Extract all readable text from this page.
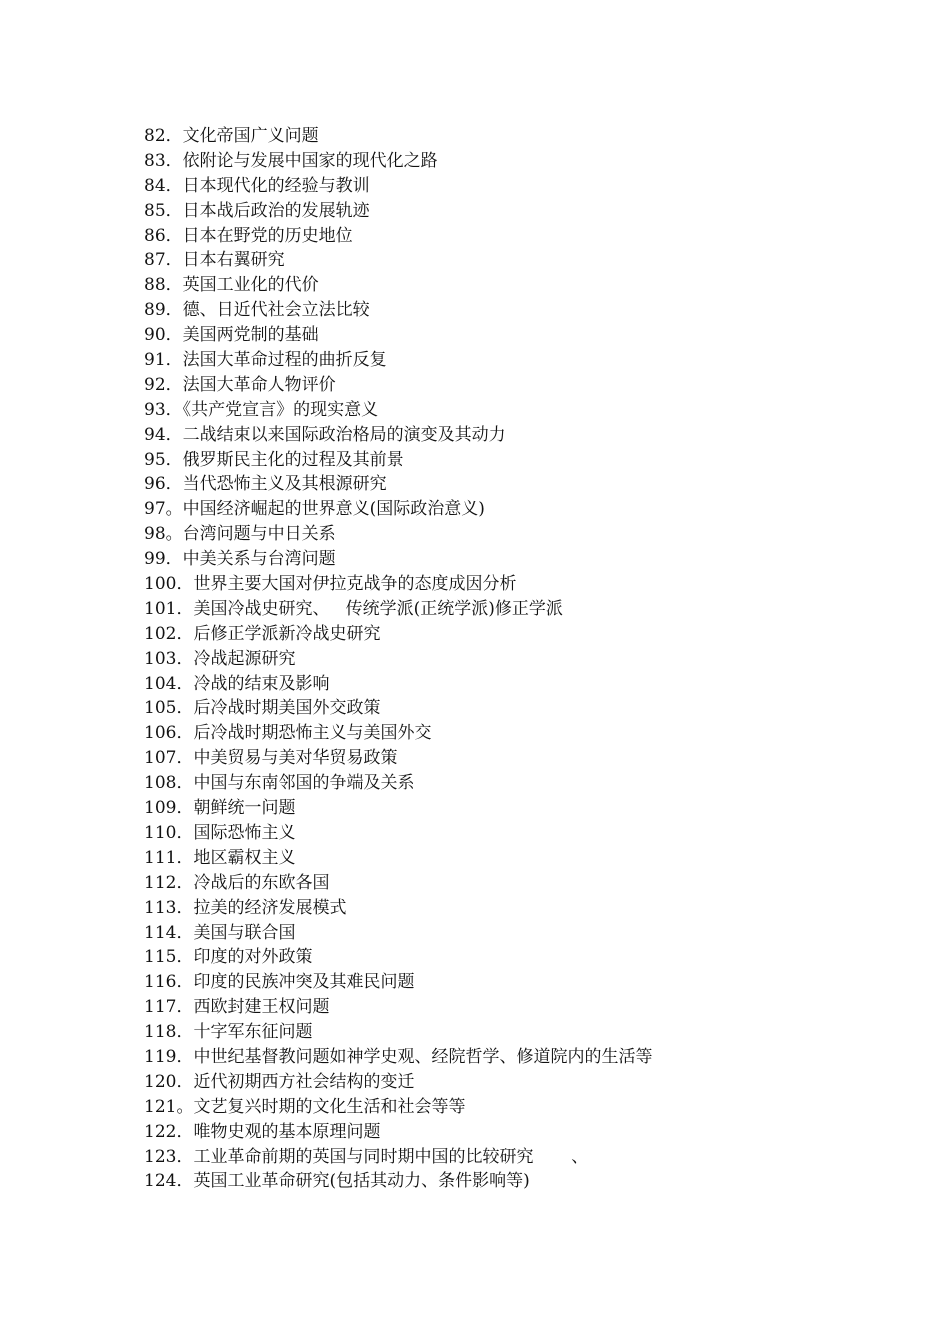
82．文化帝国广义问题
83．依附论与发展中国家的现代化之路
84．日本现代化的经验与教训
85．日本战后政治的发展轨迹
86．日本在野党的历史地位
87．日本右翼研究
88．英国工业化的代价
89．德、日近代社会立法比较
90．美国两党制的基础
91．法国大革命过程的曲折反复
92．法国大革命人物评价
93．《共产党宣言》的现实意义
94．二战结束以来国际政治格局的演变及其动力
95．俄罗斯民主化的过程及其前景
96．当代恐怖主义及其根源研究
97。中国经济崛起的世界意义(国际政治意义)
98。台湾问题与中日关系
99．中美关系与台湾问题
100．世界主要大国对伊拉克战争的态度成因分析
101．美国冷战史研究、   传统学派(正统学派)修正学派
102．后修正学派新冷战史研究
103．冷战起源研究
104．冷战的结束及影响
105．后冷战时期美国外交政策
106．后冷战时期恐怖主义与美国外交
107．中美贸易与美对华贸易政策
108．中国与东南邻国的争端及关系
109．朝鲜统一问题
110．国际恐怖主义
111．地区霸权主义
112．冷战后的东欧各国
113．拉美的经济发展模式
114．美国与联合国
115．印度的对外政策
116．印度的民族冲突及其难民问题
117．西欧封建王权问题
118．十字军东征问题
119．中世纪基督教问题如神学史观、经院哲学、修道院内的生活等
120．近代初期西方社会结构的变迁
121。文艺复兴时期的文化生活和社会等等
122．唯物史观的基本原理问题
123．工业革命前期的英国与同时期中国的比较研究       、
124．英国工业革命研究(包括其动力、条件影响等)
